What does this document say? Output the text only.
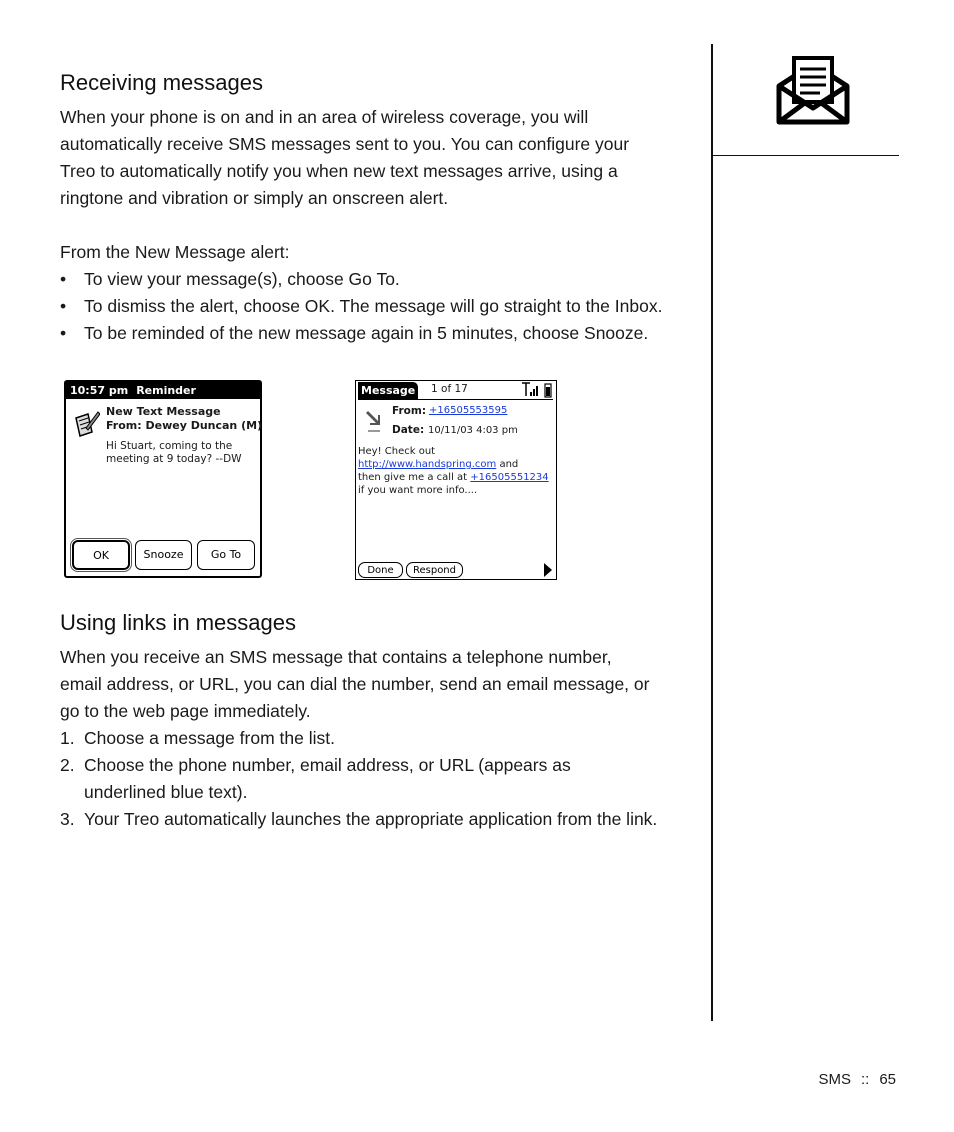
Receiving messages
When your phone is on and in an area of wireless coverage, you will
automatically receive SMS messages sent to you. You can configure your
Treo to automatically notify you when new text messages arrive, using a
ringtone and vibration or simply an onscreen alert.
From the New Message alert:
• To view your message(s), choose Go To.
• To dismiss the alert, choose OK. The message will go straight to the Inbox.
• To be reminded of the new message again in 5 minutes, choose Snooze.
10:57 pm Reminder
New Text Message
From: Dewey Duncan (M)
Hi Stuart, coming to the
meeting at 9 today? --DW
OK	Snooze	Go To
Message 1 of 17
From: +16505553595
Date: 10/11/03 4:03 pm
Hey! Check out
http://www.handspring.com and
then give me a call at +16505551234
if you want more info....
Done	Respond
Using links in messages
When you receive an SMS message that contains a telephone number,
email address, or URL, you can dial the number, send an email message, or
go to the web page immediately.
1. Choose a message from the list.
2. Choose the phone number, email address, or URL (appears as
underlined blue text).
3. Your Treo automatically launches the appropriate application from the link.
SMS :: 65
